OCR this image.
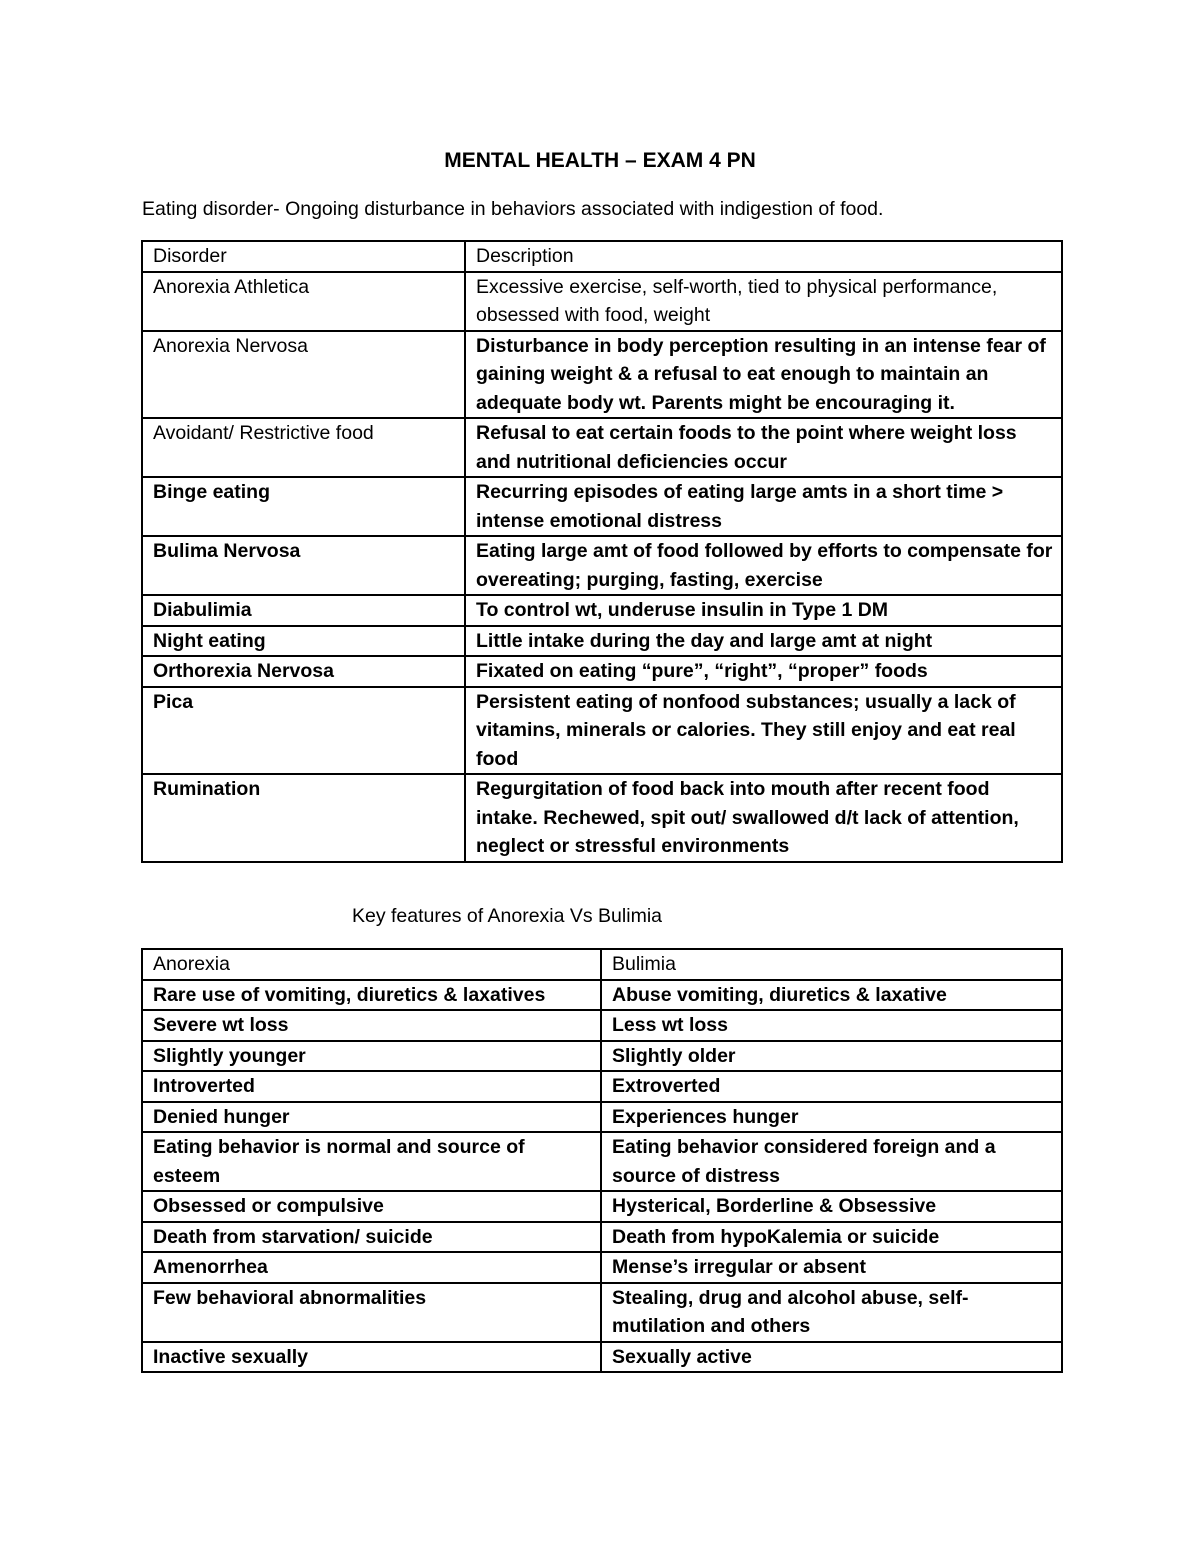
MENTAL HEALTH – EXAM 4 PN
Eating disorder- Ongoing disturbance in behaviors associated with indigestion of food.
Disorder	Description
Anorexia Athletica	Excessive exercise, self-worth, tied to physical performance, obsessed with food, weight
Anorexia Nervosa	Disturbance in body perception resulting in an intense fear of gaining weight & a refusal to eat enough to maintain an adequate body wt. Parents might be encouraging it.
Avoidant/ Restrictive food	Refusal to eat certain foods to the point where weight loss and nutritional deficiencies occur
Binge eating	Recurring episodes of eating large amts in a short time > intense emotional distress
Bulima Nervosa	Eating large amt of food followed by efforts to compensate for overeating; purging, fasting, exercise
Diabulimia	To control wt, underuse insulin in Type 1 DM
Night eating	Little intake during the day and large amt at night
Orthorexia Nervosa	Fixated on eating “pure”, “right”, “proper” foods
Pica	Persistent eating of nonfood substances; usually a lack of vitamins, minerals or calories. They still enjoy and eat real food
Rumination	Regurgitation of food back into mouth after recent food intake. Rechewed, spit out/ swallowed d/t lack of attention, neglect or stressful environments
Key features of Anorexia Vs Bulimia
Anorexia	Bulimia
Rare use of vomiting, diuretics & laxatives	Abuse vomiting, diuretics & laxative
Severe wt loss	Less wt loss
Slightly younger	Slightly older
Introverted	Extroverted
Denied hunger	Experiences hunger
Eating behavior is normal and source of esteem	Eating behavior considered foreign and a source of distress
Obsessed or compulsive	Hysterical, Borderline & Obsessive
Death from starvation/ suicide	Death from hypoKalemia or suicide
Amenorrhea	Mense’s irregular or absent
Few behavioral abnormalities	Stealing, drug and alcohol abuse, self-mutilation and others
Inactive sexually	Sexually active
